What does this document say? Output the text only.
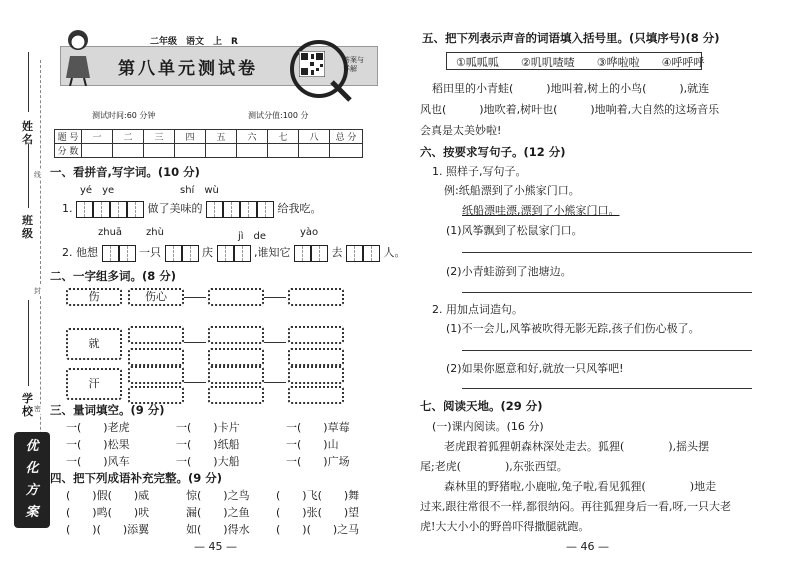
姓名
班级
学校
线
封
密
优化方案
二年级　语文　上　R
第八单元测试卷	答案与详解
测试时间:60 分钟	测试分值:100 分
题 号	一	二	三	四	五	六	七	八	总 分
分 数									
一、看拼音,写字词。(10 分)
yé　ye	shí　wù
1.	做了美味的	给我吃。
zhuā zhù	jì　de	yào
2. 他想	一只	庆	,谁知它	去	人。
二、一字组多词。(8 分)
伤	伤心
就
汗
三、量词填空。(9 分)
一(　　)老虎	一(　　)卡片	一(　　)草莓
一(　　)松果	一(　　)纸船	一(　　)山
一(　　)风车	一(　　)大船	一(　　)广场
四、把下列成语补充完整。(9 分)
(　　)假(　　)威	惊(　　)之鸟 (　　)飞(　　)舞
(　　)鸣(　　)吠	漏(　　)之鱼 (　　)张(　　)望
(　　)(　　)添翼	如(　　)得水 (　　)(　　)之马
— 45 —
五、把下列表示声音的词语填入括号里。(只填序号)(8 分)
①呱呱呱　　②叽叽喳喳　　③哗啦啦　　④呼呼呼
稻田里的小青蛙(　　　)地叫着,树上的小鸟(　　　),就连
风也(　　　)地吹着,树叶也(　　　)地响着,大自然的这场音乐
会真是太美妙啦!
六、按要求写句子。(12 分)
1. 照样子,写句子。
例:纸船漂到了小熊家门口。
纸船漂哇漂,漂到了小熊家门口。
(1)风筝飘到了松鼠家门口。
(2)小青蛙游到了池塘边。
2. 用加点词造句。
(1)不一会儿,风筝被吹得无影无踪,孩子们伤心极了。
(2)如果你愿意和好,就放一只风筝吧!
七、阅读天地。(29 分)
(一)课内阅读。(16 分)
老虎跟着狐狸朝森林深处走去。狐狸(　　　　),摇头摆
尾;老虎(　　　　),东张西望。
森林里的野猪啦,小鹿啦,兔子啦,看见狐狸(　　　　)地走
过来,跟往常很不一样,都很纳闷。再往狐狸身后一看,呀,一只大老
虎!大大小小的野兽吓得撒腿就跑。
— 46 —
